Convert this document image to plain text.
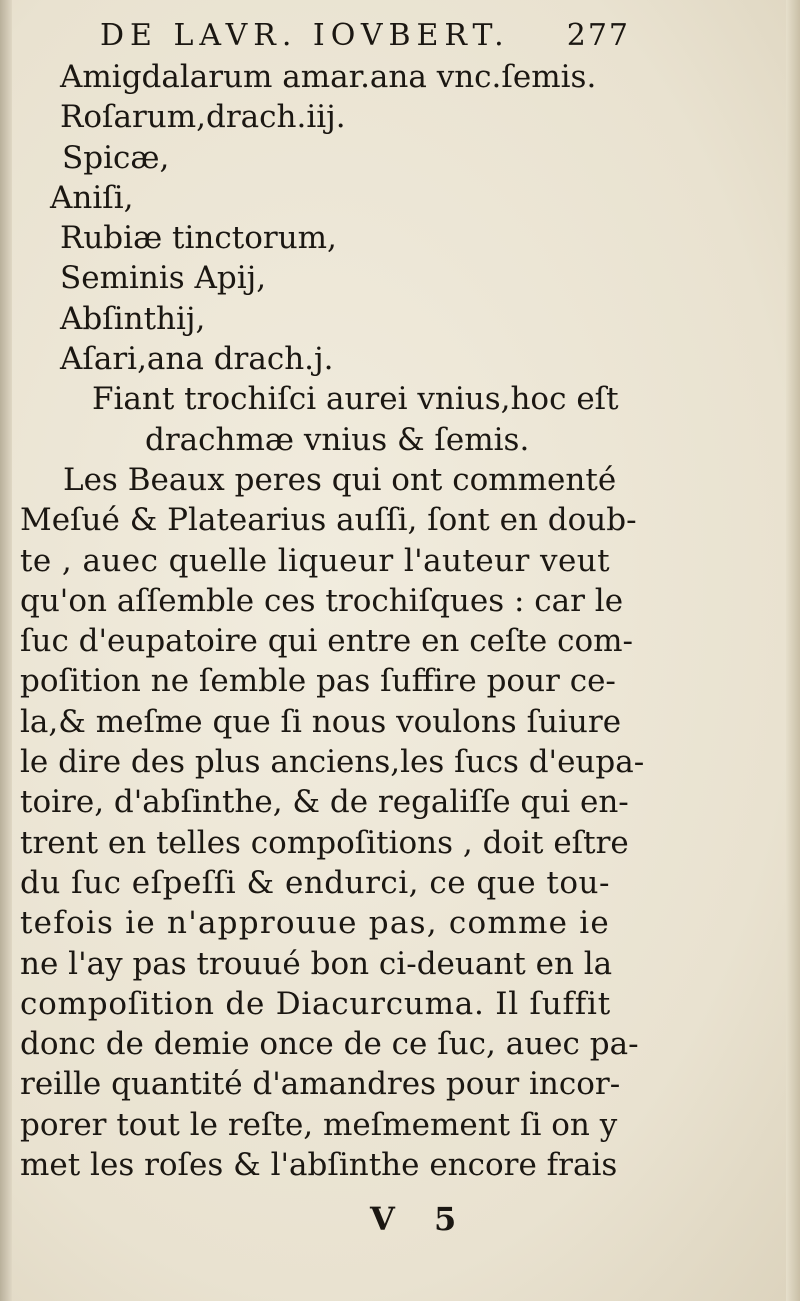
DE LAVR. IOVBERT. 277
Amigdalarum amar.ana vnc.ſemis.
Roſarum,drach.iij.
Spicæ,
Aniſi,
Rubiæ tinctorum,
Seminis Apij,
Abſinthij,
Aſari,ana drach.j.
Fiant trochiſci aurei vnius,hoc eſt
drachmæ vnius & ſemis.
Les Beaux peres qui ont commenté
Meſué & Platearius auſſi, ſont en doub-
te , auec quelle liqueur l'auteur veut
qu'on aſſemble ces trochiſques : car le
ſuc d'eupatoire qui entre en ceſte com-
poſition ne ſemble pas ſuffire pour ce-
la,& meſme que ſi nous voulons ſuiure
le dire des plus anciens,les ſucs d'eupa-
toire, d'abſinthe, & de regaliſſe qui en-
trent en telles compoſitions , doit eſtre
du ſuc eſpeſſi & endurci, ce que tou-
tefois ie n'approuue pas, comme ie
ne l'ay pas trouué bon ci-deuant en la
compoſition de Diacurcuma. Il ſuffit
donc de demie once de ce ſuc, auec pa-
reille quantité d'amandres pour incor-
porer tout le reſte, meſmement ſi on y
met les roſes & l'abſinthe encore frais
V 5
